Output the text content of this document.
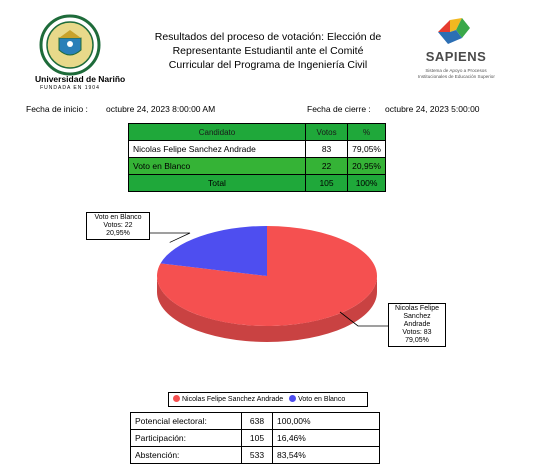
Universidad de Nariño
FUNDADA EN 1904
Resultados del proceso de votación: Elección de
Representante Estudiantil ante el Comité
Curricular del Programa de Ingeniería Civil
SAPIENS
Sistema de Apoyo a Procesos
Institucionales de Educación Superior
Fecha de inicio : octubre 24, 2023 8:00:00 AM	Fecha de cierre : octubre 24, 2023 5:00:00
Candidato	Votos	%
Nicolas Felipe Sanchez Andrade	83	79,05%
Voto en Blanco	22	20,95%
Total	105	100%
Voto en Blanco
Votos: 22
20,95%
Nicolas Felipe
Sanchez
Andrade
Votos: 83
79,05%
Nicolas Felipe Sanchez Andrade Voto en Blanco
Potencial electoral:	638	100,00%
Participación:	105	16,46%
Abstención:	533	83,54%
